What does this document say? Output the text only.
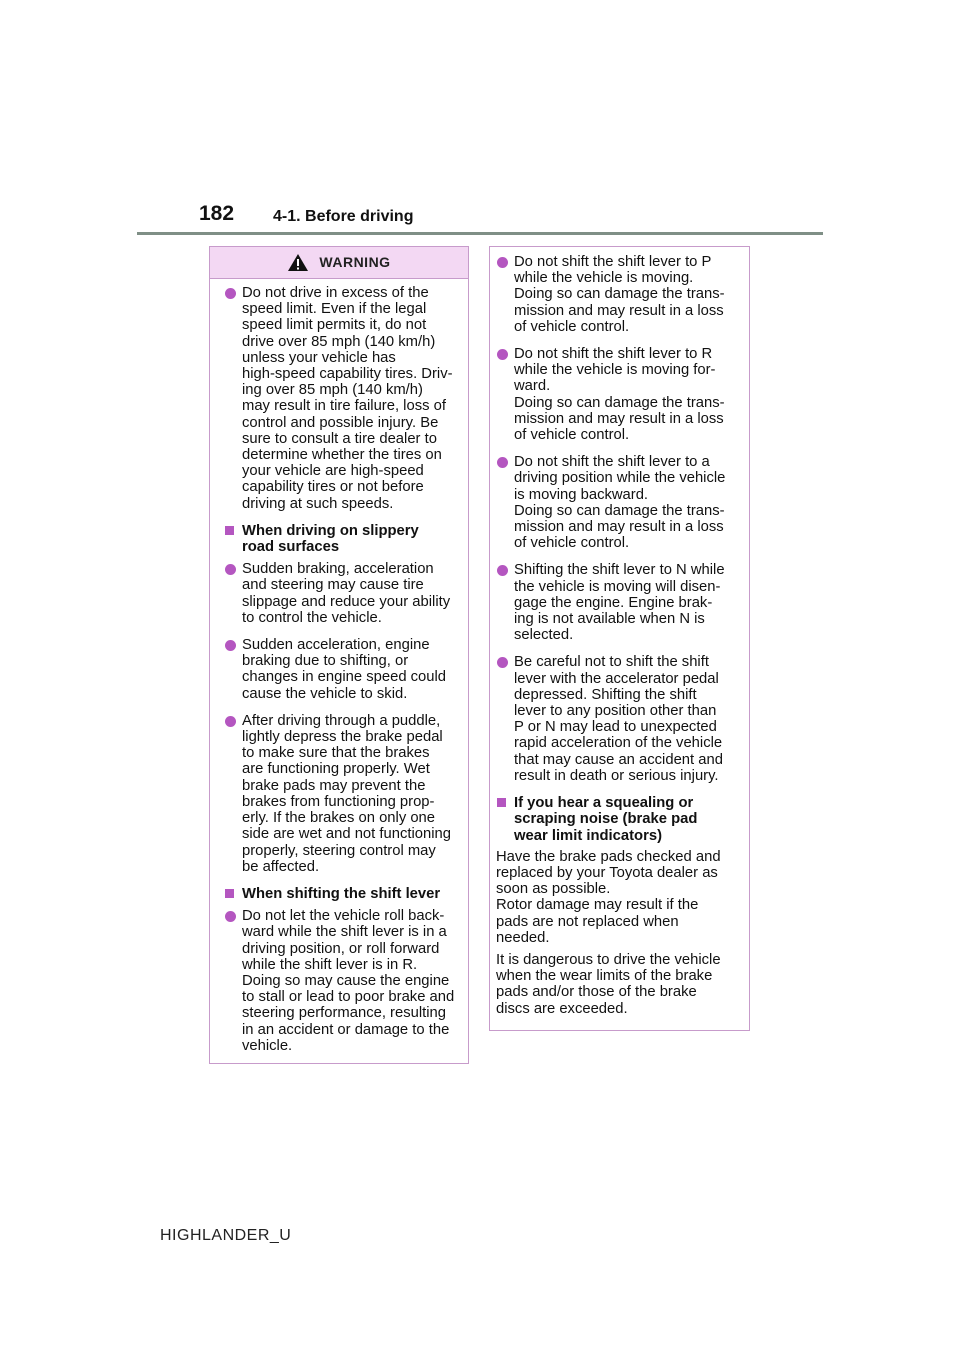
182 4-1. Before driving
WARNING

Do not drive in excess of the
speed limit. Even if the legal
speed limit permits it, do not
drive over 85 mph (140 km/h)
unless your vehicle has
high-speed capability tires. Driv-
ing over 85 mph (140 km/h)
may result in tire failure, loss of
control and possible injury. Be
sure to consult a tire dealer to
determine whether the tires on
your vehicle are high-speed
capability tires or not before
driving at such speeds.

When driving on slippery
road surfaces

Sudden braking, acceleration
and steering may cause tire
slippage and reduce your ability
to control the vehicle.

Sudden acceleration, engine
braking due to shifting, or
changes in engine speed could
cause the vehicle to skid.

After driving through a puddle,
lightly depress the brake pedal
to make sure that the brakes
are functioning properly. Wet
brake pads may prevent the
brakes from functioning prop-
erly. If the brakes on only one
side are wet and not functioning
properly, steering control may
be affected.

When shifting the shift lever

Do not let the vehicle roll back-
ward while the shift lever is in a
driving position, or roll forward
while the shift lever is in R.
Doing so may cause the engine
to stall or lead to poor brake and
steering performance, resulting
in an accident or damage to the
vehicle.

Do not shift the shift lever to P
while the vehicle is moving.
Doing so can damage the trans-
mission and may result in a loss
of vehicle control.

Do not shift the shift lever to R
while the vehicle is moving for-
ward.
Doing so can damage the trans-
mission and may result in a loss
of vehicle control.

Do not shift the shift lever to a
driving position while the vehicle
is moving backward.
Doing so can damage the trans-
mission and may result in a loss
of vehicle control.

Shifting the shift lever to N while
the vehicle is moving will disen-
gage the engine. Engine brak-
ing is not available when N is
selected.

Be careful not to shift the shift
lever with the accelerator pedal
depressed. Shifting the shift
lever to any position other than
P or N may lead to unexpected
rapid acceleration of the vehicle
that may cause an accident and
result in death or serious injury.

If you hear a squealing or
scraping noise (brake pad
wear limit indicators)

Have the brake pads checked and
replaced by your Toyota dealer as
soon as possible.
Rotor damage may result if the
pads are not replaced when
needed.

It is dangerous to drive the vehicle
when the wear limits of the brake
pads and/or those of the brake
discs are exceeded.

HIGHLANDER_U
